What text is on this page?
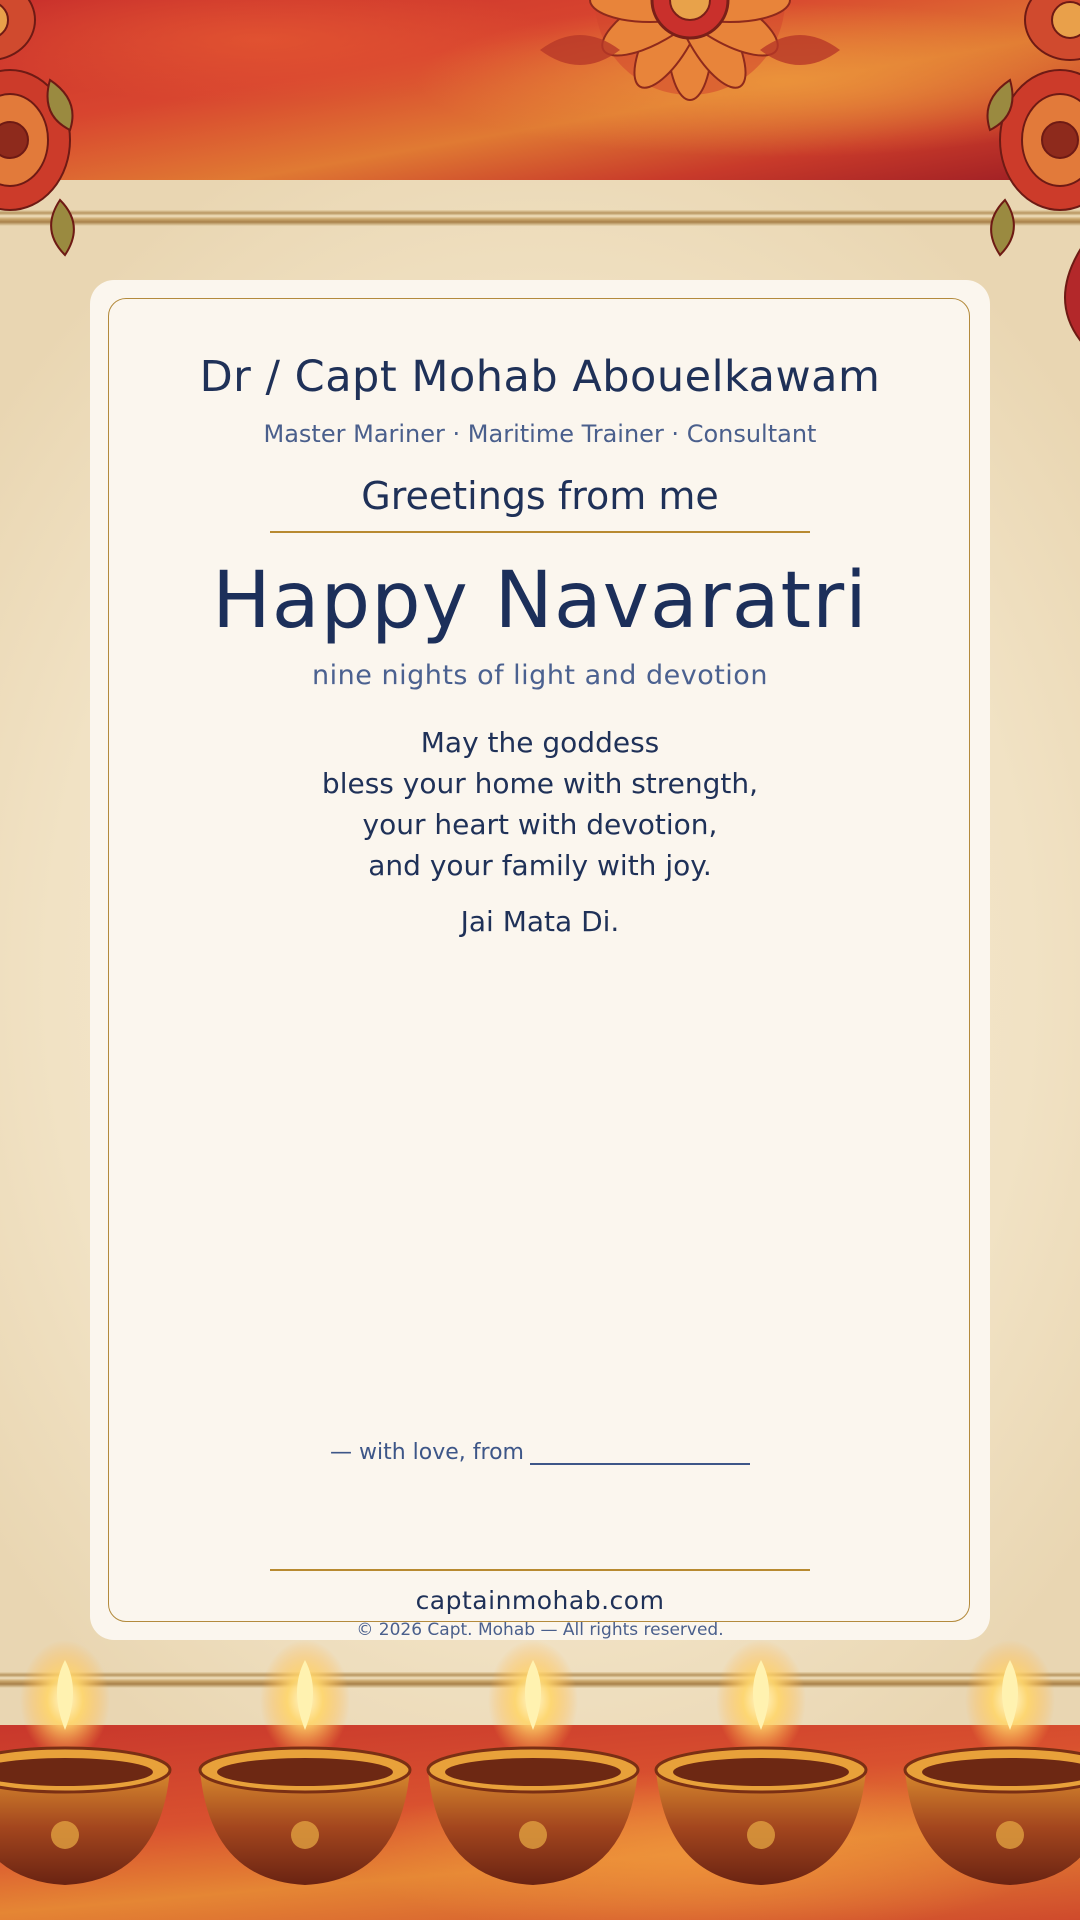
Dr / Capt Mohab Abouelkawam

Master Mariner · Maritime Trainer · Consultant

Greetings from me

Happy Navaratri

nine nights of light and devotion

May the goddess
bless your home with strength,
your heart with devotion,
and your family with joy.

Jai Mata Di.

— with love, from

captainmohab.com

© 2026 Capt. Mohab — All rights reserved.
